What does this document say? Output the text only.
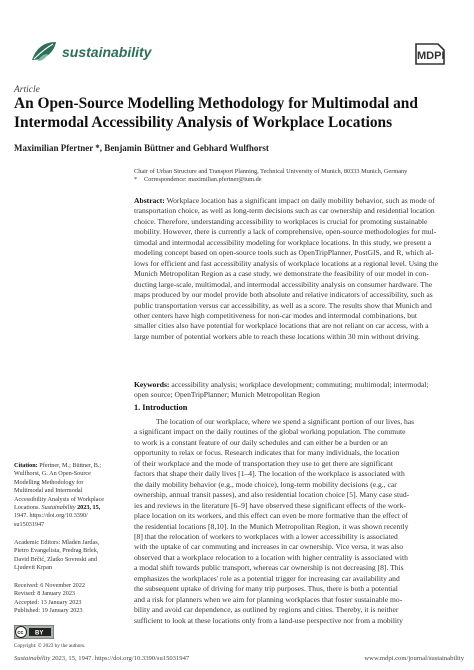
sustainability	MDPI
Article
An Open-Source Modelling Methodology for Multimodal and
Intermodal Accessibility Analysis of Workplace Locations
Maximilian Pfertner *, Benjamin Büttner and Gebhard Wulfhorst
Chair of Urban Structure and Transport Planning, Technical University of Munich, 80333 Munich, Germany
* Correspondence: maximilian.pfertner@tum.de
Abstract: Workplace location has a significant impact on daily mobility behavior, such as mode of
transportation choice, as well as long-term decisions such as car ownership and residential location
choice. Therefore, understanding accessibility to workplaces is crucial for promoting sustainable
mobility. However, there is currently a lack of comprehensive, open-source methodologies for mul-
timodal and intermodal accessibility modeling for workplace locations. In this study, we present a
modeling concept based on open-source tools such as OpenTripPlanner, PostGIS, and R, which al-
lows for efficient and fast accessibility analysis of workplace locations at a regional level. Using the
Munich Metropolitan Region as a case study, we demonstrate the feasibility of our model in con-
ducting large-scale, multimodal, and intermodal accessibility analysis on consumer hardware. The
maps produced by our model provide both absolute and relative indicators of accessibility, such as
public transportation versus car accessibility, as well as a score. The results show that Munich and
other centers have high competitiveness for non-car modes and intermodal combinations, but
smaller cities also have potential for workplace locations that are not reliant on car access, with a
large number of potential workers able to reach these locations within 30 min without driving.
Keywords: accessibility analysis; workplace development; commuting; multimodal; intermodal;
open source; OpenTripPlanner; Munich Metropolitan Region
Citation: Pfertner, M.; Büttner, B.;
Wulfhorst, G. An Open-Source
Modelling Methodology for
Multimodal and Intermodal
Accessibility Analysis of Workplace
Locations. Sustainability 2023, 15,
1947. https://doi.org/10.3390/
su15031947
Academic Editors: Mladen Jardas,
Pietro Evangelista, Predrag Brlek,
David Brčić, Zlatko Sovreski and
Ljudevit Krpan
Received: 6 November 2022
Revised: 8 January 2023
Accepted: 13 January 2023
Published: 19 January 2023
cc BY
1. Introduction
The location of our workplace, where we spend a significant portion of our lives, has
a significant impact on the daily routines of the global working population. The commute
to work is a constant feature of our daily schedules and can either be a burden or an
opportunity to relax or focus. Research indicates that for many individuals, the location
of their workplace and the mode of transportation they use to get there are significant
factors that shape their daily lives [1–4]. The location of the workplace is associated with
the daily mobility behavior (e.g., mode choice), long-term mobility decisions (e.g., car
ownership, annual transit passes), and also residential location choice [5]. Many case stud-
ies and reviews in the literature [6–9] have observed these significant effects of the work-
place location on its workers, and this effect can even be more formative than the effect of
the residential locations [8,10]. In the Munich Metropolitan Region, it was shown recently
[8] that the relocation of workers to workplaces with a lower accessibility is associated
with the uptake of car commuting and increases in car ownership. Vice versa, it was also
observed that a workplace relocation to a location with higher centrality is associated with
a modal shift towards public transport, whereas car ownership is not decreasing [8]. This
emphasizes the workplaces' role as a potential trigger for increasing car availability and
the subsequent uptake of driving for many trip purposes. Thus, there is both a potential
and a risk for planners when we aim for planning workplaces that foster sustainable mo-
bility and avoid car dependence, as outlined by regions and cities. Thereby, it is neither
sufficient to look at these locations only from a land-use perspective nor from a mobility
Copyright: © 2023 by the authors.
Sustainability 2023, 15, 1947. https://doi.org/10.3390/su15031947	www.mdpi.com/journal/sustainability
